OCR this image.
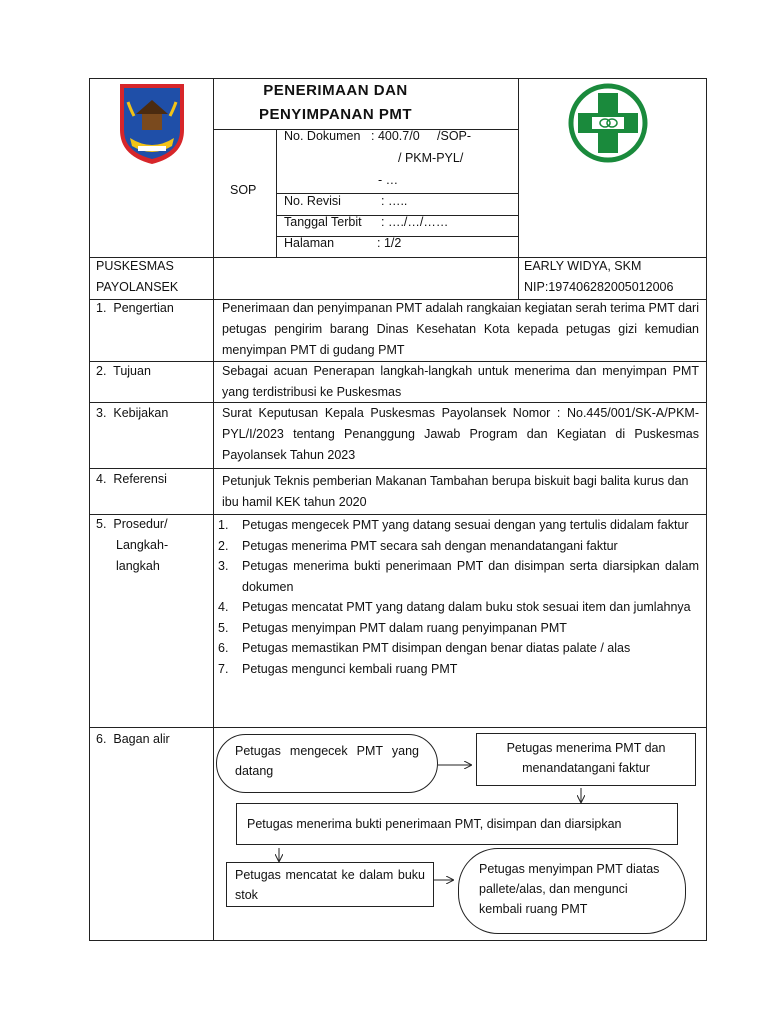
PENERIMAAN DAN
PENYIMPANAN PMT
SOP
No. Dokumen : 400.7/0     /SOP-
/ PKM-PYL/
- …
No. Revisi	: …..
Tanggal Terbit : …./…/……
Halaman	: 1/2
PUSKESMAS
PAYOLANSEK
EARLY WIDYA, SKM
NIP:197406282005012006
1.  Pengertian	Penerimaan dan penyimpanan PMT adalah rangkaian kegiatan serah terima PMT dari petugas pengirim barang Dinas Kesehatan Kota kepada petugas gizi kemudian menyimpan PMT di gudang PMT
2.  Tujuan	Sebagai acuan Penerapan langkah-langkah untuk menerima dan menyimpan PMT yang terdistribusi ke Puskesmas
3.  Kebijakan	Surat Keputusan Kepala Puskesmas Payolansek Nomor : No.445/001/SK-A/PKM-PYL/I/2023 tentang Penanggung Jawab Program dan Kegiatan di Puskesmas Payolansek Tahun 2023
4.  Referensi	Petunjuk Teknis pemberian Makanan Tambahan berupa biskuit bagi balita kurus dan ibu hamil KEK tahun 2020
5.  Prosedur/
Langkah-
langkah
Petugas mengecek PMT yang datang sesuai dengan yang tertulis didalam faktur
Petugas menerima PMT secara sah dengan menandatangani faktur
Petugas menerima bukti penerimaan PMT dan disimpan serta diarsipkan dalam dokumen
Petugas mencatat PMT yang datang dalam buku stok sesuai item dan jumlahnya
Petugas menyimpan PMT dalam ruang penyimpanan PMT
Petugas memastikan PMT disimpan dengan benar diatas palate / alas
Petugas mengunci kembali ruang PMT
6.  Bagan alir
Petugas mengecek PMT yang datang
Petugas menerima PMT dan menandatangani faktur
Petugas menerima bukti penerimaan PMT, disimpan dan diarsipkan
Petugas mencatat ke dalam buku stok
Petugas menyimpan PMT diatas pallete/alas, dan mengunci kembali ruang PMT
